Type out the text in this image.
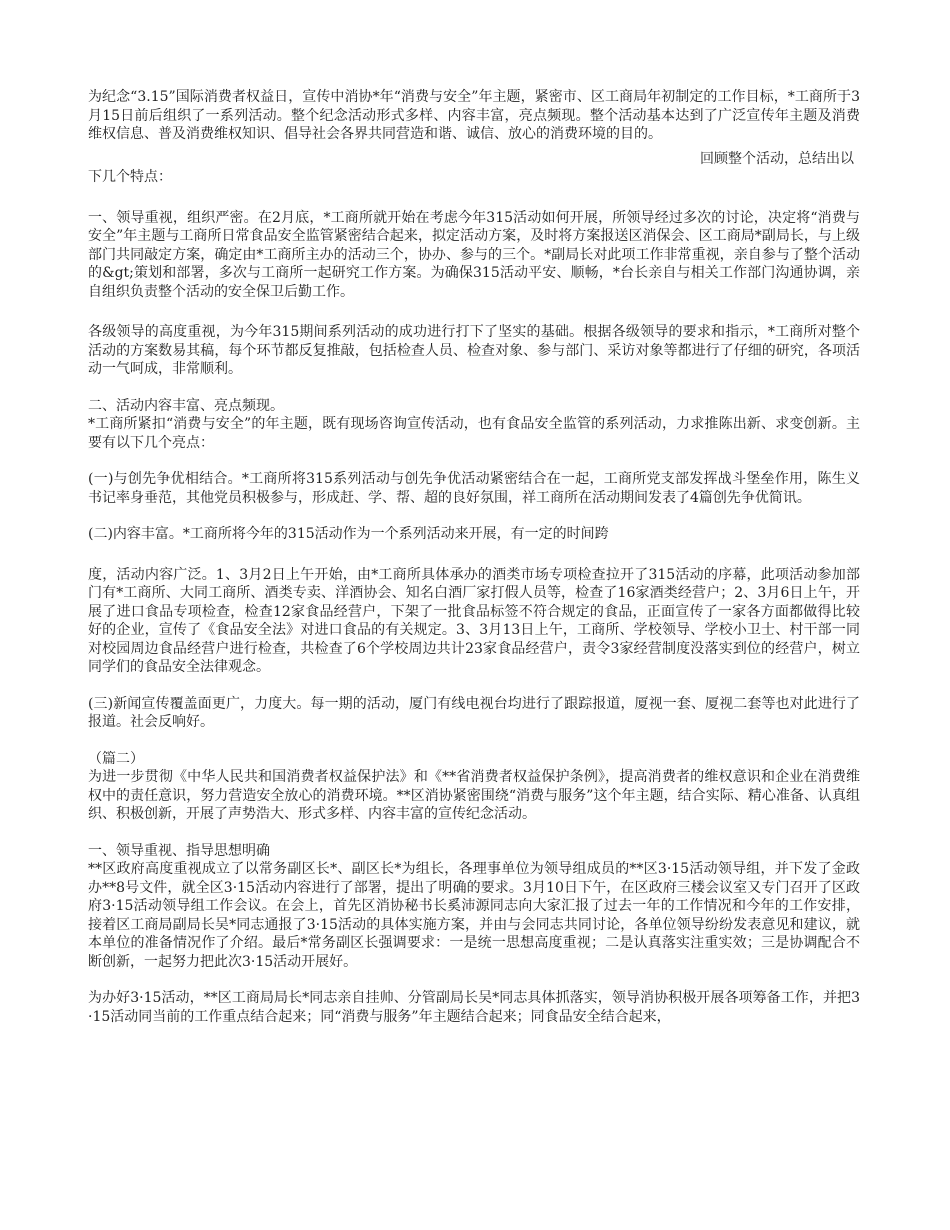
为纪念“3.15”国际消费者权益日，宣传中消协*年“消费与安全”年主题，紧密市、区工商局年初制定的工作目标，*工商所于3月15日前后组织了一系列活动。整个纪念活动形式多样、内容丰富，亮点频现。整个活动基本达到了广泛宣传年主题及消费维权信息、普及消费维权知识、倡导社会各界共同营造和谐、诚信、放心的消费环境的目的。

回顾整个活动，总结出以

下几个特点：

一、领导重视，组织严密。在2月底，*工商所就开始在考虑今年315活动如何开展，所领导经过多次的讨论，决定将“消费与安全”年主题与工商所日常食品安全监管紧密结合起来，拟定活动方案，及时将方案报送区消保会、区工商局*副局长，与上级部门共同敲定方案，确定由*工商所主办的活动三个，协办、参与的三个。*副局长对此项工作非常重视，亲自参与了整个活动的&gt;策划和部署，多次与工商所一起研究工作方案。为确保315活动平安、顺畅，*台长亲自与相关工作部门沟通协调，亲自组织负责整个活动的安全保卫后勤工作。

各级领导的高度重视，为今年315期间系列活动的成功进行打下了坚实的基础。根据各级领导的要求和指示，*工商所对整个活动的方案数易其稿，每个环节都反复推敲，包括检查人员、检查对象、参与部门、采访对象等都进行了仔细的研究，各项活动一气呵成，非常顺利。

二、活动内容丰富、亮点频现。

*工商所紧扣“消费与安全”的年主题，既有现场咨询宣传活动，也有食品安全监管的系列活动，力求推陈出新、求变创新。主要有以下几个亮点：

(一)与创先争优相结合。*工商所将315系列活动与创先争优活动紧密结合在一起，工商所党支部发挥战斗堡垒作用，陈生义书记率身垂范，其他党员积极参与，形成赶、学、帮、超的良好氛围，祥工商所在活动期间发表了4篇创先争优简讯。

(二)内容丰富。*工商所将今年的315活动作为一个系列活动来开展，有一定的时间跨

度，活动内容广泛。1、3月2日上午开始，由*工商所具体承办的酒类市场专项检查拉开了315活动的序幕，此项活动参加部门有*工商所、大同工商所、酒类专卖、洋酒协会、知名白酒厂家打假人员等，检查了16家酒类经营户；2、3月6日上午，开展了进口食品专项检查，检查12家食品经营户，下架了一批食品标签不符合规定的食品，正面宣传了一家各方面都做得比较好的企业，宣传了《食品安全法》对进口食品的有关规定。3、3月13日上午，工商所、学校领导、学校小卫士、村干部一同对校园周边食品经营户进行检查，共检查了6个学校周边共计23家食品经营户，责令3家经营制度没落实到位的经营户，树立同学们的食品安全法律观念。

(三)新闻宣传覆盖面更广，力度大。每一期的活动，厦门有线电视台均进行了跟踪报道，厦视一套、厦视二套等也对此进行了报道。社会反响好。

（篇二）

为进一步贯彻《中华人民共和国消费者权益保护法》和《**省消费者权益保护条例》，提高消费者的维权意识和企业在消费维权中的责任意识，努力营造安全放心的消费环境。**区消协紧密围绕“消费与服务”这个年主题，结合实际、精心准备、认真组织、积极创新，开展了声势浩大、形式多样、内容丰富的宣传纪念活动。

一、领导重视、指导思想明确

**区政府高度重视成立了以常务副区长*、副区长*为组长，各理事单位为领导组成员的**区3·15活动领导组，并下发了金政办**8号文件，就全区3·15活动内容进行了部署，提出了明确的要求。3月10日下午，在区政府三楼会议室又专门召开了区政府3·15活动领导组工作会议。在会上，首先区消协秘书长奚沛源同志向大家汇报了过去一年的工作情况和今年的工作安排，接着区工商局副局长吴*同志通报了3·15活动的具体实施方案，并由与会同志共同讨论，各单位领导纷纷发表意见和建议，就本单位的准备情况作了介绍。最后*常务副区长强调要求：一是统一思想高度重视；二是认真落实注重实效；三是协调配合不断创新，一起努力把此次3·15活动开展好。

为办好3·15活动，**区工商局局长*同志亲自挂帅、分管副局长吴*同志具体抓落实，领导消协积极开展各项筹备工作，并把3·15活动同当前的工作重点结合起来；同“消费与服务”年主题结合起来；同食品安全结合起来，
